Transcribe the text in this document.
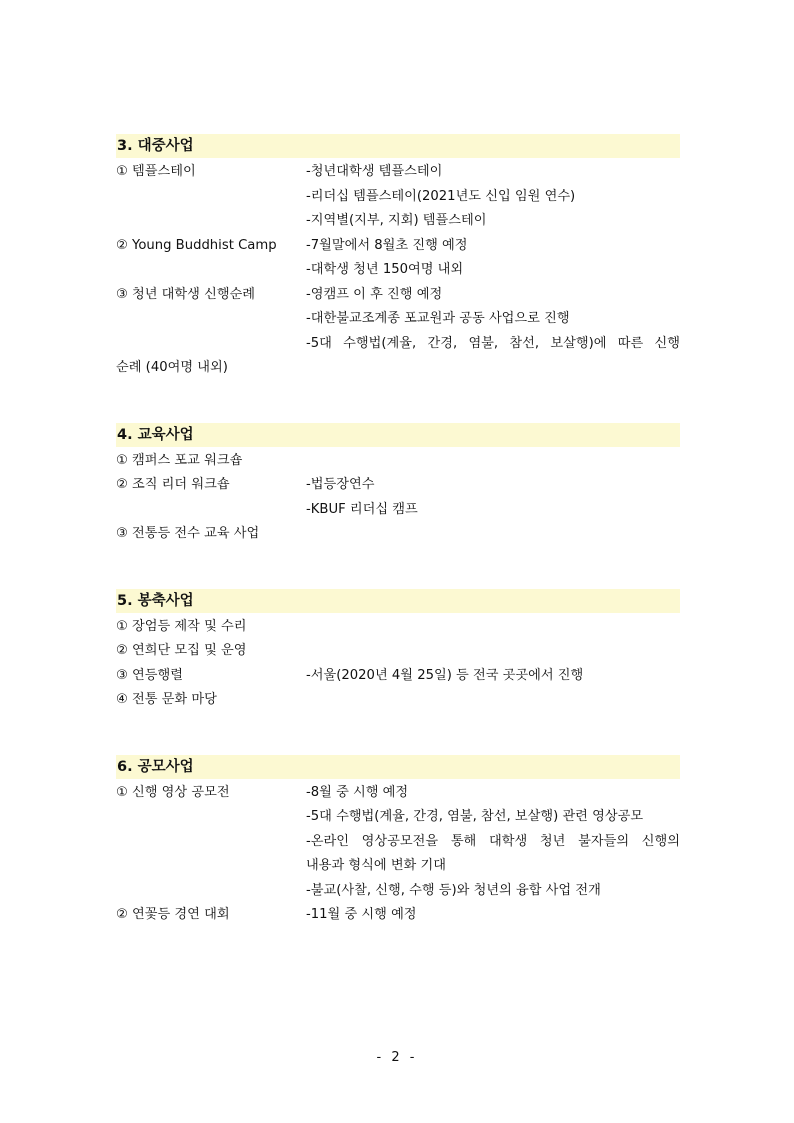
3. 대중사업
① 템플스테이	-청년대학생 템플스테이
-리더십 템플스테이(2021년도 신입 임원 연수)
-지역별(지부, 지회) 템플스테이
② Young Buddhist Camp	-7월말에서 8월초 진행 예정
-대학생 청년 150여명 내외
③ 청년 대학생 신행순례	-영캠프 이 후 진행 예정
-대한불교조계종 포교원과 공동 사업으로 진행
-5대 수행법(계율, 간경, 염불, 참선, 보살행)에 따른 신행
순례 (40여명 내외)
4. 교육사업
① 캠퍼스 포교 워크숍
② 조직 리더 워크숍	-법등장연수
-KBUF 리더십 캠프
③ 전통등 전수 교육 사업
5. 봉축사업
① 장엄등 제작 및 수리
② 연희단 모집 및 운영
③ 연등행렬	-서울(2020년 4월 25일) 등 전국 곳곳에서 진행
④ 전통 문화 마당
6. 공모사업
① 신행 영상 공모전	-8월 중 시행 예정
-5대 수행법(계율, 간경, 염불, 참선, 보살행) 관련 영상공모
-온라인 영상공모전을 통해 대학생 청년 불자들의 신행의
내용과 형식에 변화 기대
-불교(사찰, 신행, 수행 등)와 청년의 융합 사업 전개
② 연꽃등 경연 대회	-11월 중 시행 예정
- 2 -
